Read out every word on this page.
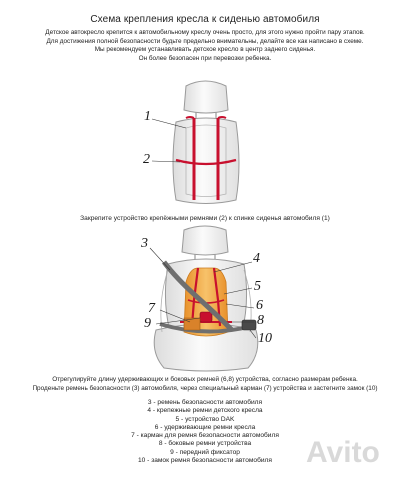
Схема крепления кресла к сиденью автомобиля
Детское автокресло крепится к автомобильному креслу очень просто, для этого нужно пройти пару этапов.
Для достижения полной безопасности будьте предельно внимательны, делайте все как написано в схеме.
Мы рекомендуем устанавливать детское кресло в центр заднего сиденья.
Он более безопасен при перевозки ребенка.
1
2
3
4
5
6
7
8
9
10
Закрепите устройство крепёжными ремнями (2) к спинке сиденья автомобиля (1)
Отрегулируйте длину удерживающих и боковых ремней (6,8) устройства, согласно размерам ребенка.
Проденьте ремень безопасности (3) автомобиля, через специальный карман (7) устройства и застегните замок (10)
3 - ремень безопасности автомобиля
4 - крепежные ремни детского кресла
5 - устройство DAK
6 - удерживающие ремни кресла
7 - карман для ремня безопасности автомобиля
8 - боковые ремни устройства
9 - передний фиксатор
10 - замок ремня безопасности автомобиля	Avito
